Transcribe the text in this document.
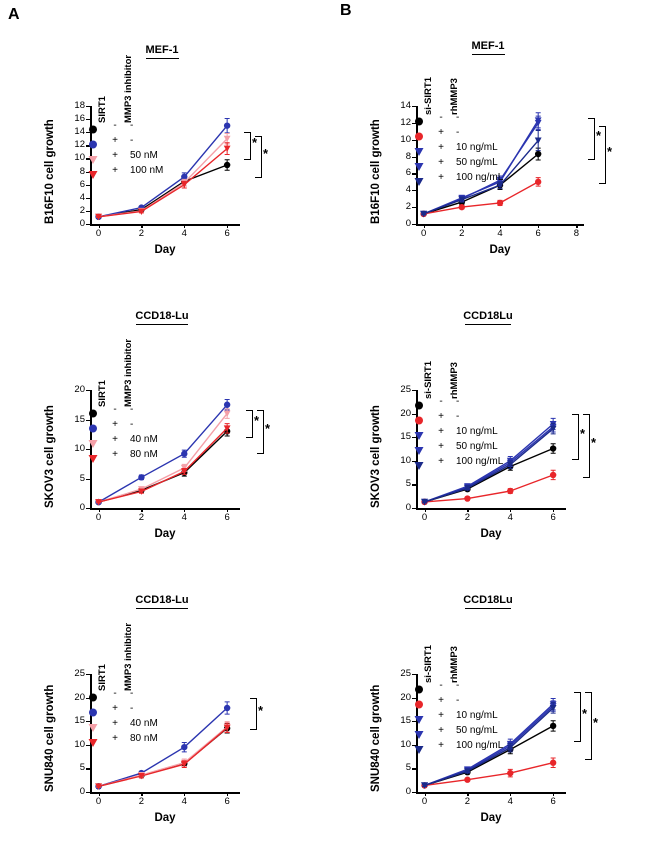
A	B
MEF-1
B16F10 cell growth
Day
0
2
4
6
8
10
12
14
16
18
0	2	4	6
SIRT1 MMP3 inhibitor
-	-
+	-
+	50 nM
+	100 nM
*
*
CCD18-Lu
SKOV3 cell growth
Day
0
5
10
15
20
0	2	4	6
SIRT1 MMP3 inhibitor
-	-
+	-
+	40 nM
+	80 nM
*
*
CCD18-Lu
SNU840 cell growth
Day
0
5
10
15
20
25
0	2	4	6
SIRT1 MMP3 inhibitor
-	-
+	-
+	40 nM
+	80 nM
*
MEF-1
B16F10 cell growth
Day
0
2
4
6
8
10
12
14
0	2	4	6	8
si-SIRT1 rhMMP3
-	-
+	-
+	10 ng/mL
+	50 ng/mL
+	100 ng/mL
*
*
CCD18Lu
SKOV3 cell growth
Day
0
5
10
15
20
25
0	2	4	6
si-SIRT1 rhMMP3
-	-
+	-
+	10 ng/mL
+	50 ng/mL
+	100 ng/mL
*
*
CCD18Lu
SNU840 cell growth
Day
0
5
10
15
20
25
0	2	4	6
si-SIRT1 rhMMP3
-	-
+	-
+	10 ng/mL
+	50 ng/mL
+	100 ng/mL
*
*
